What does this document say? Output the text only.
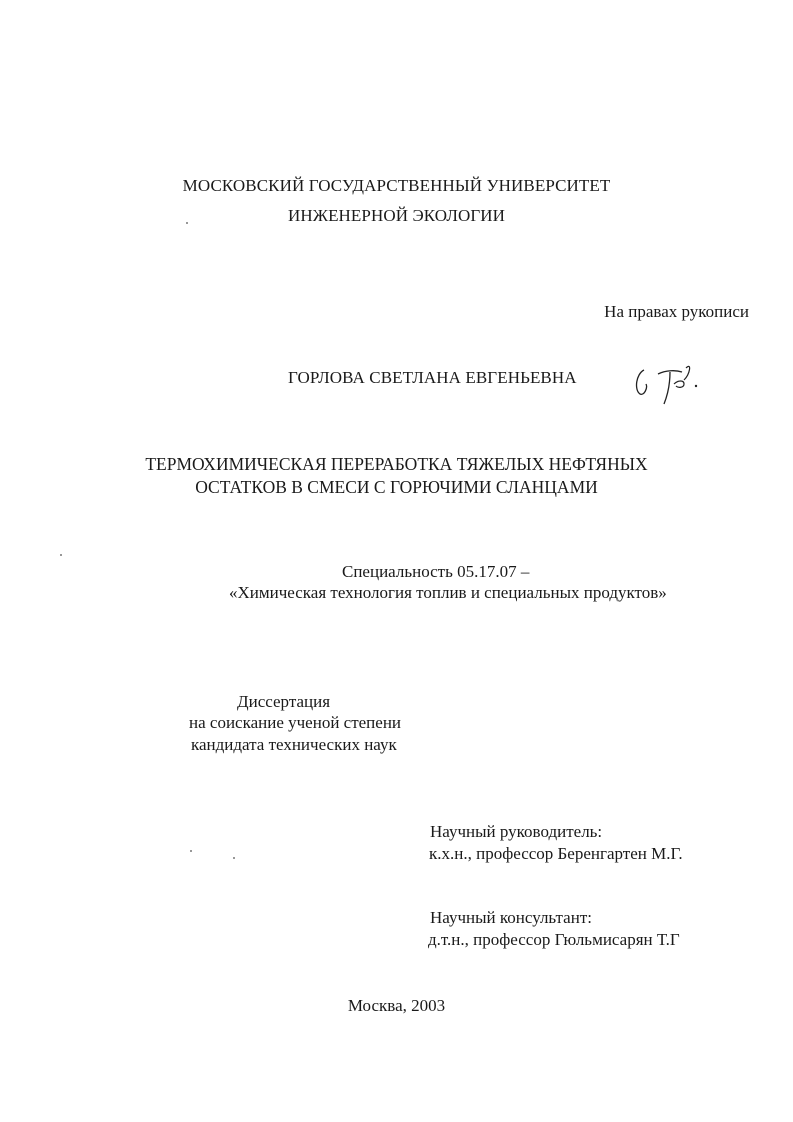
МОСКОВСКИЙ ГОСУДАРСТВЕННЫЙ УНИВЕРСИТЕТ
ИНЖЕНЕРНОЙ ЭКОЛОГИИ
На правах рукописи
ГОРЛОВА СВЕТЛАНА ЕВГЕНЬЕВНА
ТЕРМОХИМИЧЕСКАЯ ПЕРЕРАБОТКА ТЯЖЕЛЫХ НЕФТЯНЫХ
ОСТАТКОВ В СМЕСИ С ГОРЮЧИМИ СЛАНЦАМИ
Специальность 05.17.07 –
«Химическая технология топлив и специальных продуктов»
Диссертация
на соискание ученой степени
кандидата технических наук
Научный руководитель:
к.х.н., профессор Беренгартен М.Г.
Научный консультант:
д.т.н., профессор Гюльмисарян Т.Г
Москва, 2003
